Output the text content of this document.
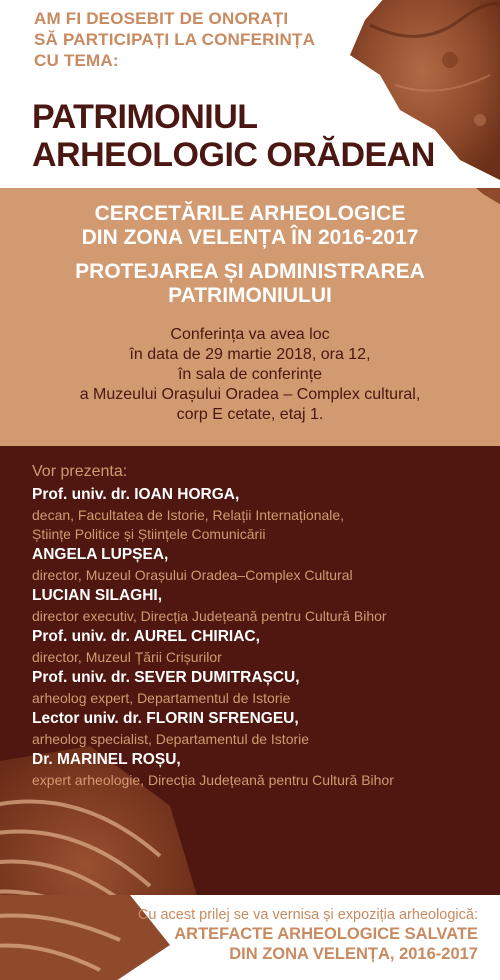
AM FI DEOSEBIT DE ONORAȚI
SĂ PARTICIPAȚI LA CONFERINȚA
CU TEMA:
PATRIMONIUL
ARHEOLOGIC ORĂDEAN
CERCETĂRILE ARHEOLOGICE
DIN ZONA VELENȚA ÎN 2016-2017
PROTEJAREA ȘI ADMINISTRAREA
PATRIMONIULUI
Conferința va avea loc
în data de 29 martie 2018, ora 12,
în sala de conferințe
a Muzeului Orașului Oradea – Complex cultural,
corp E cetate, etaj 1.
Vor prezenta:
Prof. univ. dr. IOAN HORGA,
decan, Facultatea de Istorie, Relații Internaționale,
Științe Politice și Științele Comunicării
ANGELA LUPȘEA,
director, Muzeul Orașului Oradea–Complex Cultural
LUCIAN SILAGHI,
director executiv, Direcția Județeană pentru Cultură Bihor
Prof. univ. dr. AUREL CHIRIAC,
director, Muzeul Țării Crișurilor
Prof. univ. dr. SEVER DUMITRAȘCU,
arheolog expert, Departamentul de Istorie
Lector univ. dr. FLORIN SFRENGEU,
arheolog specialist, Departamentul de Istorie
Dr. MARINEL ROȘU,
expert arheologie, Direcția Județeană pentru Cultură Bihor
Cu acest prilej se va vernisa și expoziția arheologică:
ARTEFACTE ARHEOLOGICE SALVATE
DIN ZONA VELENȚA, 2016-2017
